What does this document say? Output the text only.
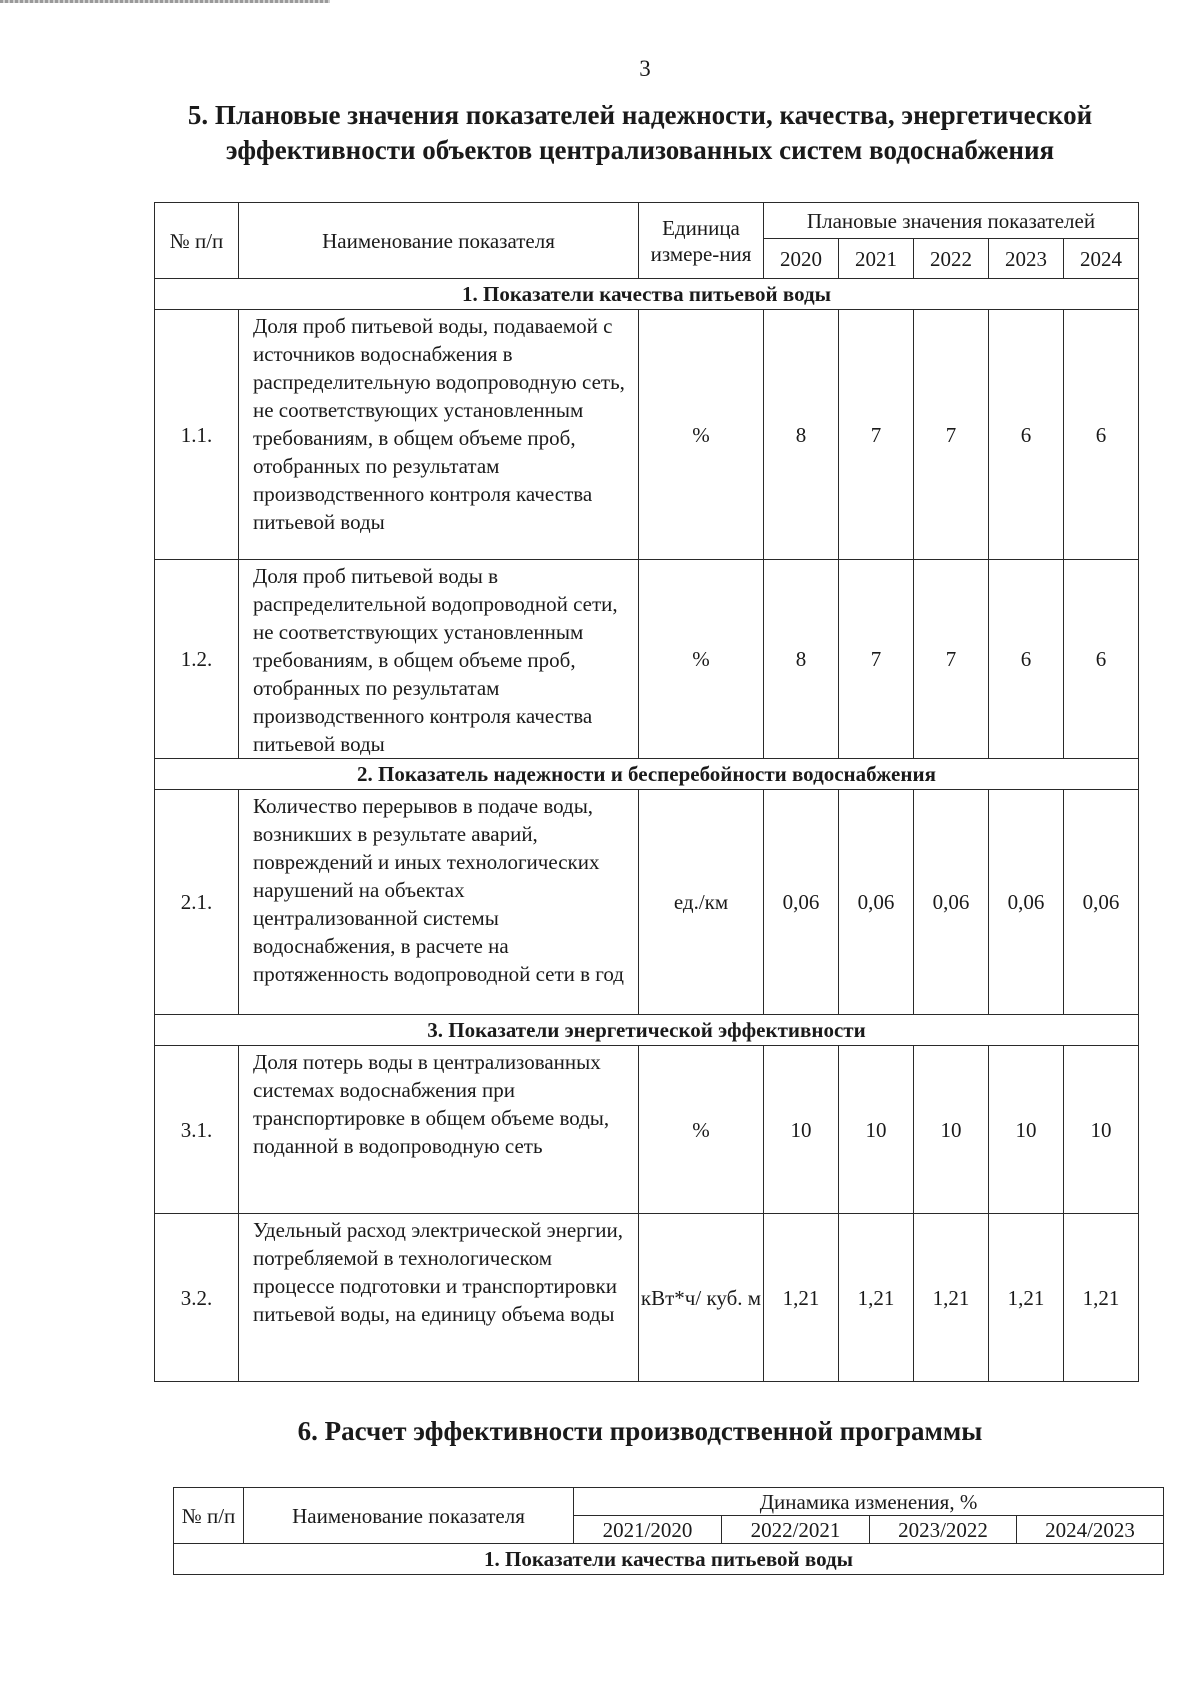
3
5. Плановые значения показателей надежности, качества, энергетической эффективности объектов централизованных систем водоснабжения
№ п/п	Наименование показателя	Единица измере-ния	Плановые значения показателей				
			2020	2021	2022	2023	2024
1. Показатели качества питьевой воды							
1.1.	Доля проб питьевой воды, подаваемой с источников водоснабжения в распределительную водопроводную сеть, не соответствующих установленным требованиям, в общем объеме проб, отобранных по результатам производственного контроля качества питьевой воды	%	8	7	7	6	6
1.2.	Доля проб питьевой воды в распределительной водопроводной сети, не соответствующих установленным требованиям, в общем объеме проб, отобранных по результатам производственного контроля качества питьевой воды	%	8	7	7	6	6
2. Показатель надежности и бесперебойности водоснабжения							
2.1.	Количество перерывов в подаче воды, возникших в результате аварий, повреждений и иных технологических нарушений на объектах централизованной системы водоснабжения, в расчете на протяженность водопроводной сети в год	ед./км	0,06	0,06	0,06	0,06	0,06
3. Показатели энергетической эффективности							
3.1.	Доля потерь воды в централизованных системах водоснабжения при транспортировке в общем объеме воды, поданной в водопроводную сеть	%	10	10	10	10	10
3.2.	Удельный расход электрической энергии, потребляемой в технологическом процессе подготовки и транспортировки питьевой воды, на единицу объема воды	кВт*ч/ куб. м	1,21	1,21	1,21	1,21	1,21
6. Расчет эффективности производственной программы
№ п/п	Наименование показателя	Динамика изменения, %			
		2021/2020	2022/2021	2023/2022	2024/2023
1. Показатели качества питьевой воды					
